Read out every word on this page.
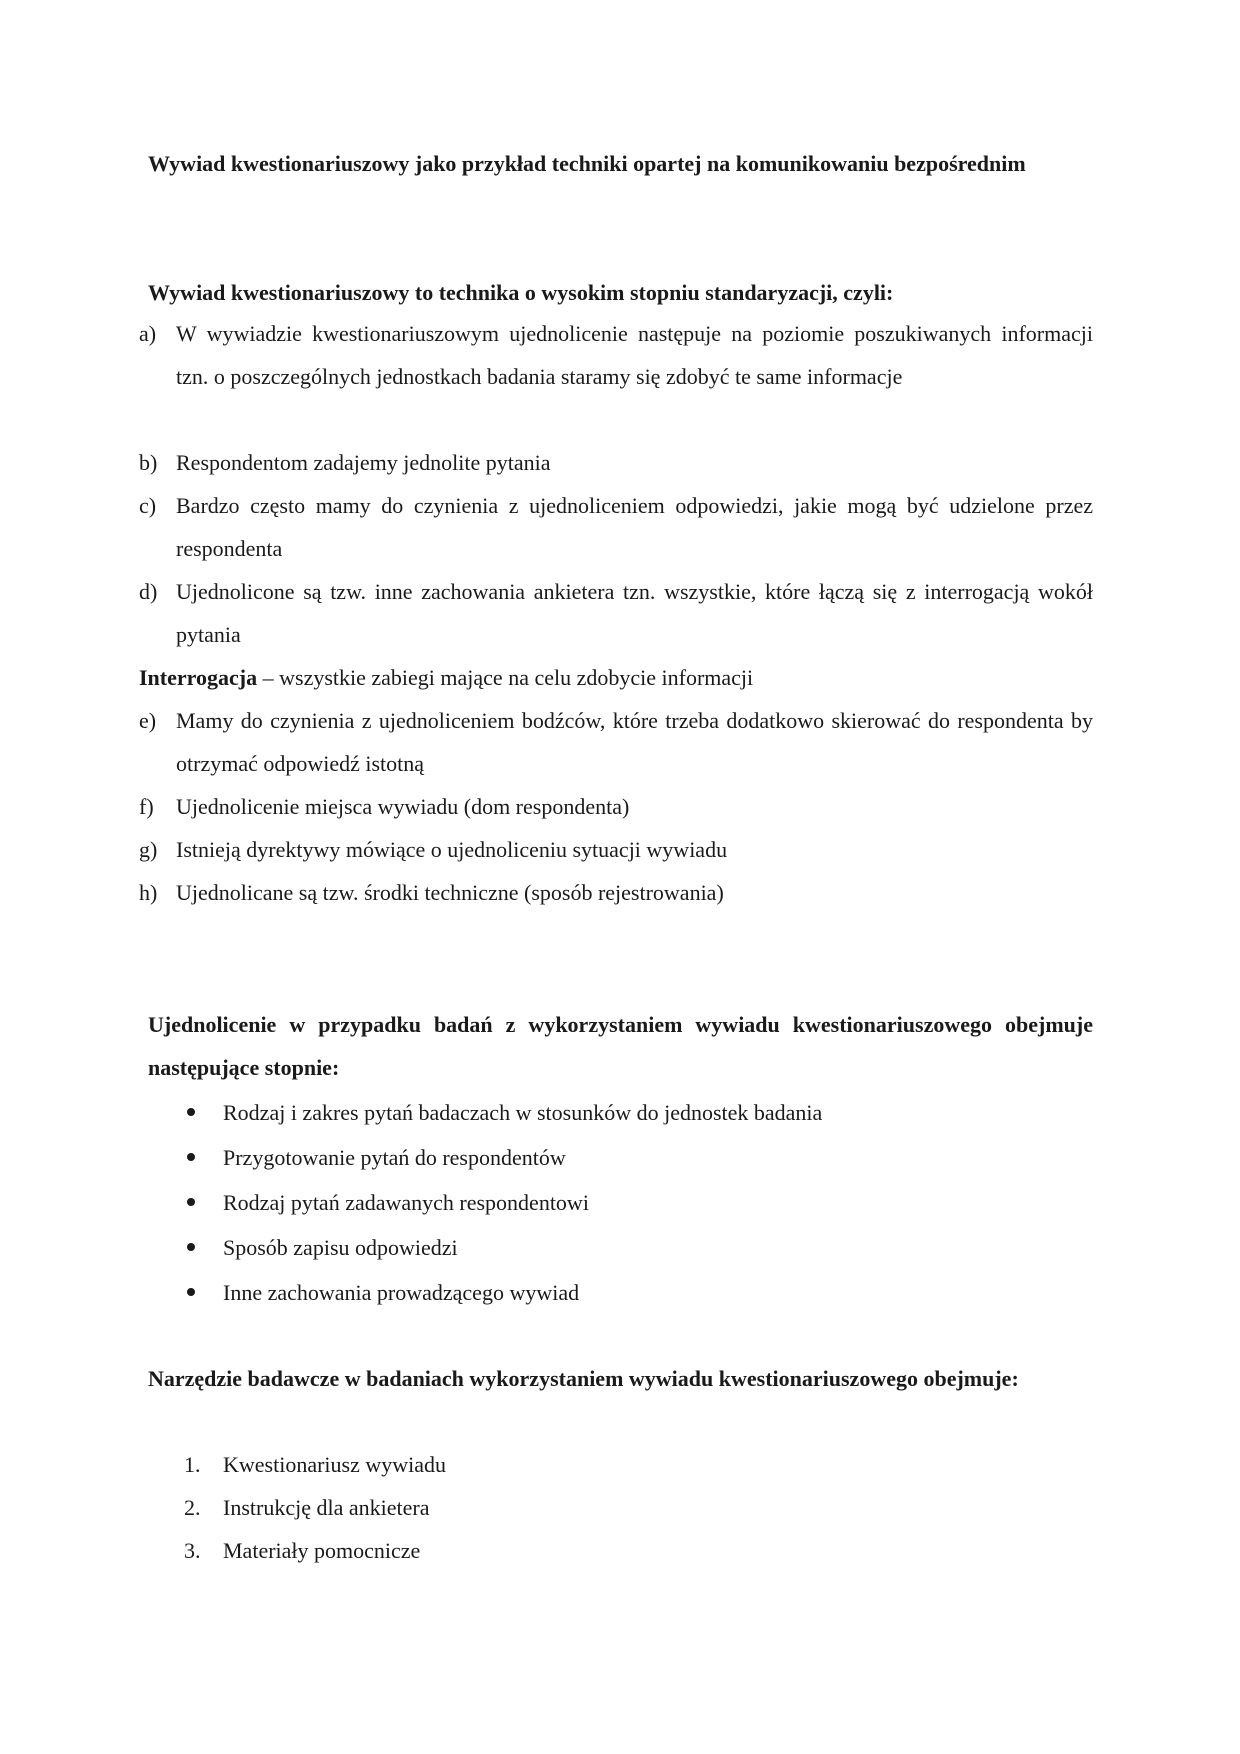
Wywiad kwestionariuszowy jako przykład techniki opartej na komunikowaniu bezpośrednim
Wywiad kwestionariuszowy to technika o wysokim stopniu standaryzacji, czyli:
a) W wywiadzie kwestionariuszowym ujednolicenie następuje na poziomie poszukiwanych informacji tzn. o poszczególnych jednostkach badania staramy się zdobyć te same informacje
b) Respondentom zadajemy jednolite pytania
c) Bardzo często mamy do czynienia z ujednoliceniem odpowiedzi, jakie mogą być udzielone przez respondenta
d) Ujednolicone są tzw. inne zachowania ankietera tzn. wszystkie, które łączą się z interrogacją wokół pytania
Interrogacja – wszystkie zabiegi mające na celu zdobycie informacji
e) Mamy do czynienia z ujednoliceniem bodźców, które trzeba dodatkowo skierować do respondenta by otrzymać odpowiedź istotną
f) Ujednolicenie miejsca wywiadu (dom respondenta)
g) Istnieją dyrektywy mówiące o ujednoliceniu sytuacji wywiadu
h) Ujednolicane są tzw. środki techniczne (sposób rejestrowania)
Ujednolicenie w przypadku badań z wykorzystaniem wywiadu kwestionariuszowego obejmuje następujące stopnie:
Rodzaj i zakres pytań badaczach w stosunków do jednostek badania
Przygotowanie pytań do respondentów
Rodzaj pytań zadawanych respondentowi
Sposób zapisu odpowiedzi
Inne zachowania prowadzącego wywiad
Narzędzie badawcze w badaniach wykorzystaniem wywiadu kwestionariuszowego obejmuje:
1. Kwestionariusz wywiadu
2. Instrukcję dla ankietera
3. Materiały pomocnicze
